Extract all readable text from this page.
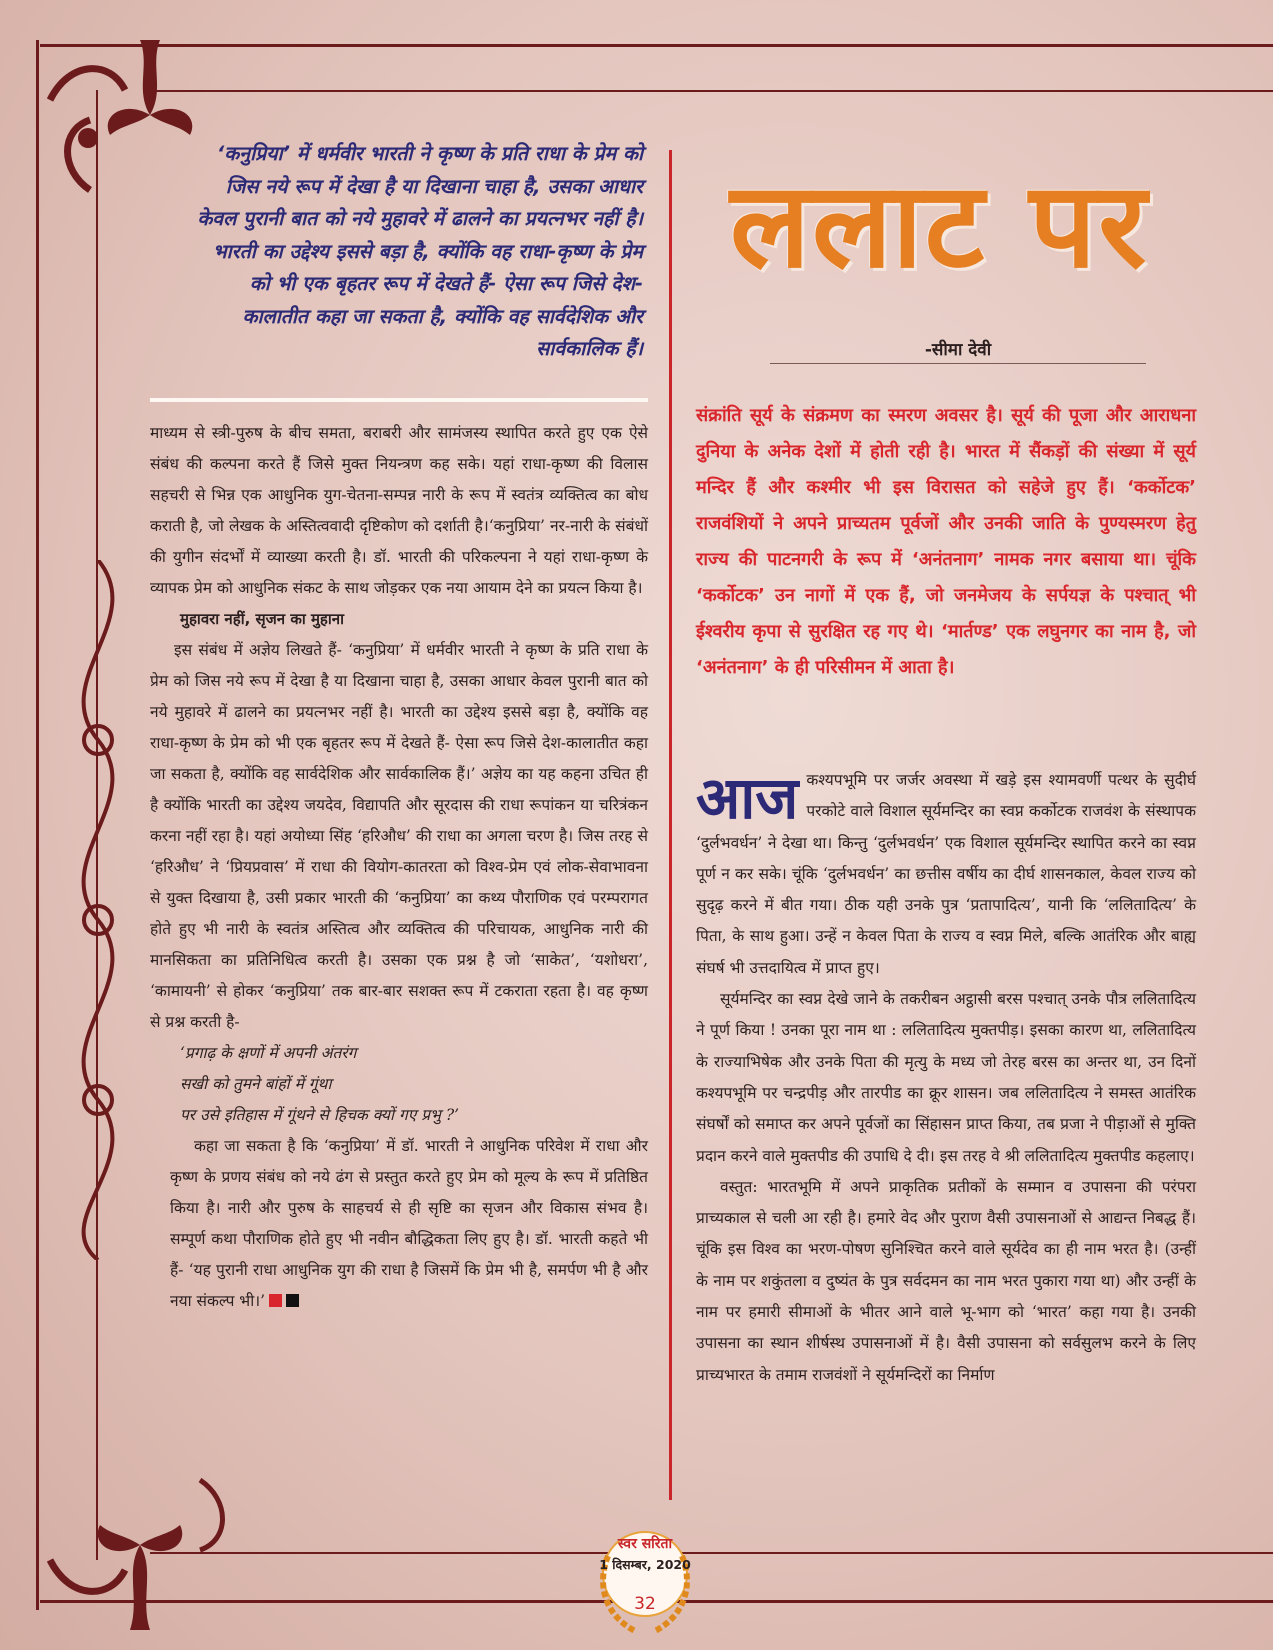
‘कनुप्रिया’ में धर्मवीर भारती ने कृष्ण के प्रति राधा के प्रेम को जिस नये रूप में देखा है या दिखाना चाहा है, उसका आधार केवल पुरानी बात को नये मुहावरे में ढालने का प्रयत्नभर नहीं है। भारती का उद्देश्य इससे बड़ा है, क्योंकि वह राधा-कृष्ण के प्रेम को भी एक बृहतर रूप में देखते हैं- ऐसा रूप जिसे देश-कालातीत कहा जा सकता है, क्योंकि वह सार्वदेशिक और सार्वकालिक हैं।

माध्यम से स्त्री-पुरुष के बीच समता, बराबरी और सामंजस्य स्थापित करते हुए एक ऐसे संबंध की कल्पना करते हैं जिसे मुक्त नियन्त्रण कह सके। यहां राधा-कृष्ण की विलास सहचरी से भिन्न एक आधुनिक युग-चेतना-सम्पन्न नारी के रूप में स्वतंत्र व्यक्तित्व का बोध कराती है, जो लेखक के अस्तित्ववादी दृष्टिकोण को दर्शाती है।‘कनुप्रिया’ नर-नारी के संबंधों की युगीन संदर्भों में व्याख्या करती है। डॉ. भारती की परिकल्पना ने यहां राधा-कृष्ण के व्यापक प्रेम को आधुनिक संकट के साथ जोड़कर एक नया आयाम देने का प्रयत्न किया है।

मुहावरा नहीं, सृजन का मुहाना

इस संबंध में अज्ञेय लिखते हैं- ‘कनुप्रिया’ में धर्मवीर भारती ने कृष्ण के प्रति राधा के प्रेम को जिस नये रूप में देखा है या दिखाना चाहा है, उसका आधार केवल पुरानी बात को नये मुहावरे में ढालने का प्रयत्नभर नहीं है। भारती का उद्देश्य इससे बड़ा है, क्योंकि वह राधा-कृष्ण के प्रेम को भी एक बृहतर रूप में देखते हैं- ऐसा रूप जिसे देश-कालातीत कहा जा सकता है, क्योंकि वह सार्वदेशिक और सार्वकालिक हैं।’ अज्ञेय का यह कहना उचित ही है क्योंकि भारती का उद्देश्य जयदेव, विद्यापति और सूरदास की राधा रूपांकन या चरित्रंकन करना नहीं रहा है। यहां अयोध्या सिंह ‘हरिऔध’ की राधा का अगला चरण है। जिस तरह से ‘हरिऔध’ ने ‘प्रियप्रवास’ में राधा की वियोग-कातरता को विश्व-प्रेम एवं लोक-सेवाभावना से युक्त दिखाया है, उसी प्रकार भारती की ‘कनुप्रिया’ का कथ्य पौराणिक एवं परम्परागत होते हुए भी नारी के स्वतंत्र अस्तित्व और व्यक्तित्व की परिचायक, आधुनिक नारी की मानसिकता का प्रतिनिधित्व करती है। उसका एक प्रश्न है जो ‘साकेत’, ‘यशोधरा’, ‘कामायनी’ से होकर ‘कनुप्रिया’ तक बार-बार सशक्त रूप में टकराता रहता है। वह कृष्ण से प्रश्न करती है-

‘प्रगाढ़ के क्षणों में अपनी अंतरंग

सखी को तुमने बांहों में गूंथा

पर उसे इतिहास में गूंथने से हिचक क्यों गए प्रभु ?’

कहा जा सकता है कि ‘कनुप्रिया’ में डॉ. भारती ने आधुनिक परिवेश में राधा और कृष्ण के प्रणय संबंध को नये ढंग से प्रस्तुत करते हुए प्रेम को मूल्य के रूप में प्रतिष्ठित किया है। नारी और पुरुष के साहचर्य से ही सृष्टि का सृजन और विकास संभव है। सम्पूर्ण कथा पौराणिक होते हुए भी नवीन बौद्धिकता लिए हुए है। डॉ. भारती कहते भी हैं- ‘यह पुरानी राधा आधुनिक युग की राधा है जिसमें कि प्रेम भी है, समर्पण भी है और नया संकल्प भी।’

ललाट पर
-सीमा देवी
संक्रांति सूर्य के संक्रमण का स्मरण अवसर है। सूर्य की पूजा और आराधना दुनिया के अनेक देशों में होती रही है। भारत में सैंकड़ों की संख्या में सूर्य मन्दिर हैं और कश्मीर भी इस विरासत को सहेजे हुए हैं। ‘कर्कोटक’ राजवंशियों ने अपने प्राच्यतम पूर्वजों और उनकी जाति के पुण्यस्मरण हेतु राज्य की पाटनगरी के रूप में ‘अनंतनाग’ नामक नगर बसाया था। चूंकि ‘कर्कोटक’ उन नागों में एक हैं, जो जनमेजय के सर्पयज्ञ के पश्चात् भी ईश्वरीय कृपा से सुरक्षित रह गए थे। ‘मार्तण्ड’ एक लघुनगर का नाम है, जो ‘अनंतनाग’ के ही परिसीमन में आता है।

आज कश्यपभूमि पर जर्जर अवस्था में खड़े इस श्यामवर्णी पत्थर के सुदीर्घ परकोटे वाले विशाल सूर्यमन्दिर का स्वप्न कर्कोटक राजवंश के संस्थापक ‘दुर्लभवर्धन’ ने देखा था। किन्तु ‘दुर्लभवर्धन’ एक विशाल सूर्यमन्दिर स्थापित करने का स्वप्न पूर्ण न कर सके। चूंकि ‘दुर्लभवर्धन’ का छत्तीस वर्षीय का दीर्घ शासनकाल, केवल राज्य को सुदृढ़ करने में बीत गया। ठीक यही उनके पुत्र ‘प्रतापादित्य’, यानी कि ‘ललितादित्य’ के पिता, के साथ हुआ। उन्हें न केवल पिता के राज्य व स्वप्न मिले, बल्कि आतंरिक और बाह्य संघर्ष भी उत्तदायित्व में प्राप्त हुए।

सूर्यमन्दिर का स्वप्न देखे जाने के तकरीबन अट्ठासी बरस पश्चात् उनके पौत्र ललितादित्य ने पूर्ण किया ! उनका पूरा नाम था : ललितादित्य मुक्तपीड़। इसका कारण था, ललितादित्य के राज्याभिषेक और उनके पिता की मृत्यु के मध्य जो तेरह बरस का अन्तर था, उन दिनों कश्यपभूमि पर चन्द्रपीड़ और तारपीड का क्रूर शासन। जब ललितादित्य ने समस्त आतंरिक संघर्षों को समाप्त कर अपने पूर्वजों का सिंहासन प्राप्त किया, तब प्रजा ने पीड़ाओं से मुक्ति प्रदान करने वाले मुक्तपीड की उपाधि दे दी। इस तरह वे श्री ललितादित्य मुक्तपीड कहलाए।

वस्तुत: भारतभूमि में अपने प्राकृतिक प्रतीकों के सम्मान व उपासना की परंपरा प्राच्यकाल से चली आ रही है। हमारे वेद और पुराण वैसी उपासनाओं से आद्यन्त निबद्ध हैं। चूंकि इस विश्व का भरण-पोषण सुनिश्चित करने वाले सूर्यदेव का ही नाम भरत है। (उन्हीं के नाम पर शकुंतला व दुष्यंत के पुत्र सर्वदमन का नाम भरत पुकारा गया था) और उन्हीं के नाम पर हमारी सीमाओं के भीतर आने वाले भू-भाग को ‘भारत’ कहा गया है। उनकी उपासना का स्थान शीर्षस्थ उपासनाओं में है। वैसी उपासना को सर्वसुलभ करने के लिए प्राच्यभारत के तमाम राजवंशों ने सूर्यमन्दिरों का निर्माण

स्वर सरिता
1 दिसम्बर, 2020
32
